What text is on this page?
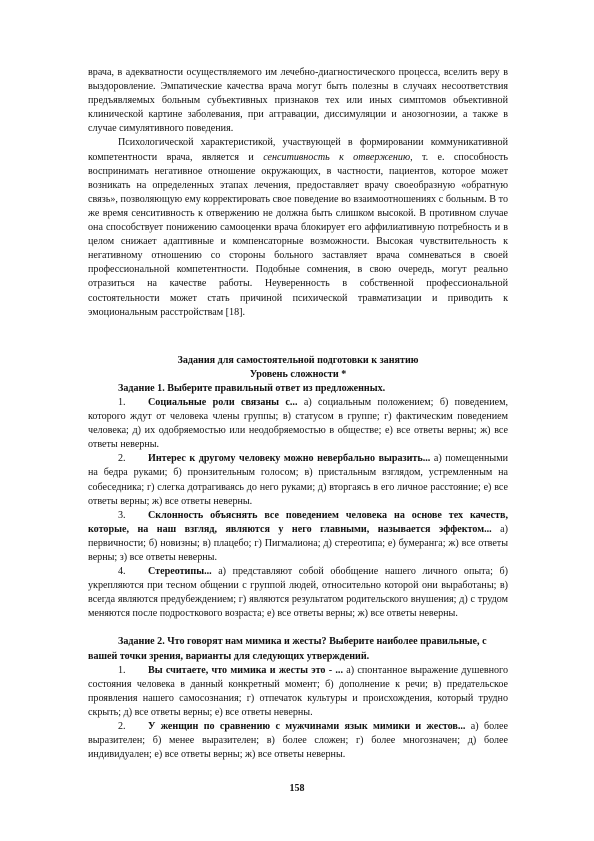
врача, в адекватности осуществляемого им лечебно-диагностического процесса, вселить веру в выздоровление. Эмпатические качества врача могут быть полезны в случаях несоответствия предъявляемых больным субъективных признаков тех или иных симптомов объективной клинической картине заболевания, при аггравации, диссимуляции и анозогнозии, а также в случае симулятивного поведения.

Психологической характеристикой, участвующей в формировании коммуникативной компетентности врача, является и сенситивность к отвержению, т. е. способность воспринимать негативное отношение окружающих, в частности, пациентов, которое может возникать на определенных этапах лечения, предоставляет врачу своеобразную «обратную связь», позволяющую ему корректировать свое поведение во взаимоотношениях с больным. В то же время сенситивность к отвержению не должна быть слишком высокой. В противном случае она способствует понижению самооценки врача блокирует его аффилиативную потребность и в целом снижает адаптивные и компенсаторные возможности. Высокая чувствительность к негативному отношению со стороны больного заставляет врача сомневаться в своей профессиональной компетентности. Подобные сомнения, в свою очередь, могут реально отразиться на качестве работы. Неуверенность в собственной профессиональной состоятельности может стать причиной психической травматизации и приводить к эмоциональным расстройствам [18].

Задания для самостоятельной подготовки к занятию

Уровень сложности *

Задание 1. Выберите правильный ответ из предложенных.

1. Социальные роли связаны с... а) социальным положением; б) поведением, которого ждут от человека члены группы; в) статусом в группе; г) фактическим поведением человека; д) их одобряемостью или неодобряемостью в обществе; е) все ответы верны; ж) все ответы неверны.

2. Интерес к другому человеку можно невербально выразить... а) помещенными на бедра руками; б) пронзительным голосом; в) пристальным взглядом, устремленным на собеседника; г) слегка дотрагиваясь до него руками; д) вторгаясь в его личное расстояние; е) все ответы верны; ж) все ответы неверны.

3. Склонность объяснять все поведением человека на основе тех качеств, которые, на наш взгляд, являются у него главными, называется эффектом... а) первичности; б) новизны; в) плацебо; г) Пигмалиона; д) стереотипа; е) бумеранга; ж) все ответы верны; з) все ответы неверны.

4. Стереотипы... а) представляют собой обобщение нашего личного опыта; б) укрепляются при тесном общении с группой людей, относительно которой они выработаны; в) всегда являются предубеждением; г) являются результатом родительского внушения; д) с трудом меняются после подросткового возраста; е) все ответы верны; ж) все ответы неверны.

Задание 2. Что говорят нам мимика и жесты? Выберите наиболее правильные, с вашей точки зрения, варианты для следующих утверждений.

1. Вы считаете, что мимика и жесты это - ... а) спонтанное выражение душевного состояния человека в данный конкретный момент; б) дополнение к речи; в) предательское проявления нашего самосознания; г) отпечаток культуры и происхождения, который трудно скрыть; д) все ответы верны; е) все ответы неверны.

2. У женщин по сравнению с мужчинами язык мимики и жестов... а) более выразителен; б) менее выразителен; в) более сложен; г) более многозначен; д) более индивидуален; е) все ответы верны; ж) все ответы неверны.

158
